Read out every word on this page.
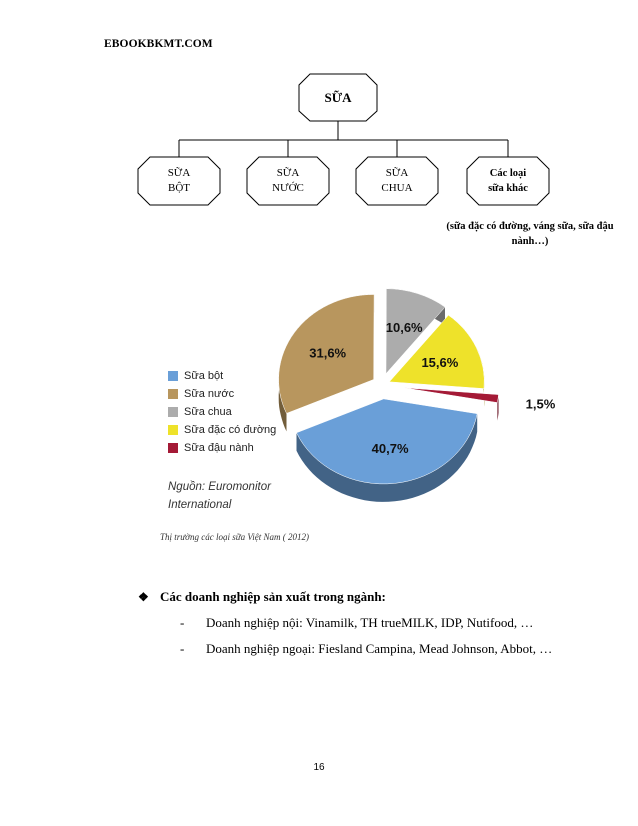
EBOOKBKMT.COM
SỮA
SỮA
BỘT
SỮA
NƯỚC
SỮA
CHUA
Các loại
sữa khác
(sữa đặc có đường, váng sữa, sữa đậu nành…)
40,7%
31,6%
10,6%
15,6%
1,5%
Sữa bột
Sữa nước
Sữa chua
Sữa đặc có đường
Sữa đậu nành
Nguồn: Euromonitor
International
Thị trường các loại sữa Việt Nam ( 2012)
❖ Các doanh nghiệp sản xuất trong ngành:
-	Doanh nghiệp nội: Vinamilk, TH trueMILK, IDP, Nutifood, …
-	Doanh nghiệp ngoại: Fiesland Campina, Mead Johnson, Abbot, …
16
